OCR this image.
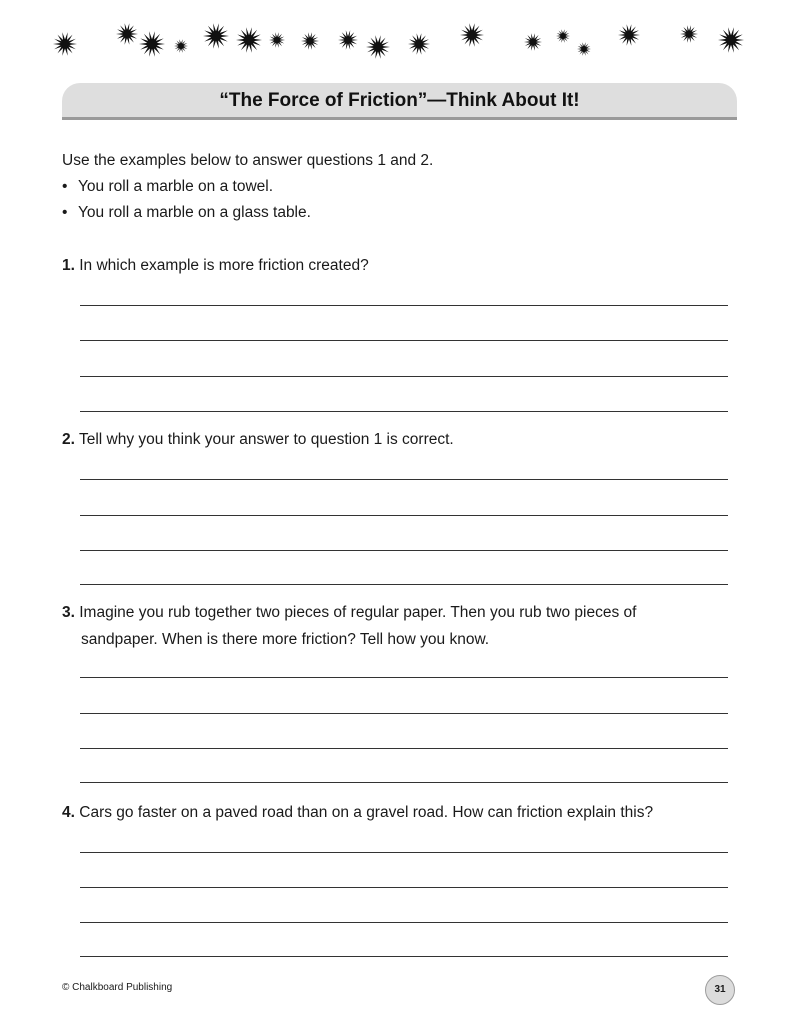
“The Force of Friction”—Think About It!
Use the examples below to answer questions 1 and 2.
• You roll a marble on a towel.
• You roll a marble on a glass table.
1. In which example is more friction created?
2. Tell why you think your answer to question 1 is correct.
3. Imagine you rub together two pieces of regular paper. Then you rub two pieces of
sandpaper. When is there more friction? Tell how you know.
4. Cars go faster on a paved road than on a gravel road. How can friction explain this?
© Chalkboard Publishing	31
